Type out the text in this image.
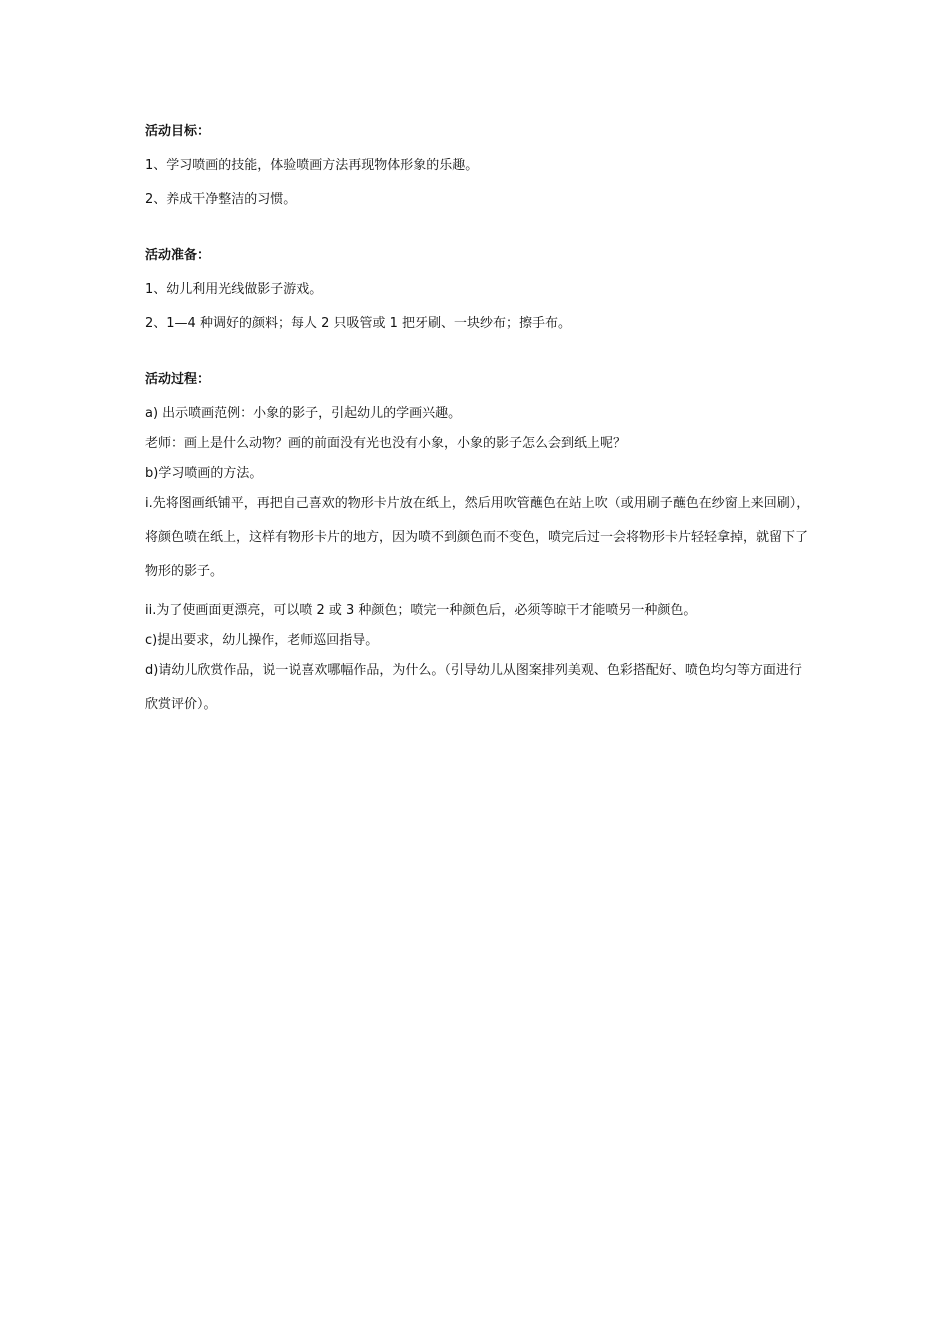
活动目标：
1、学习喷画的技能，体验喷画方法再现物体形象的乐趣。
2、养成干净整洁的习惯。
活动准备：
1、幼儿利用光线做影子游戏。
2、1—4 种调好的颜料；每人 2 只吸管或 1 把牙刷、一块纱布；擦手布。
活动过程：
a) 出示喷画范例：小象的影子，引起幼儿的学画兴趣。
老师：画上是什么动物？画的前面没有光也没有小象，小象的影子怎么会到纸上呢？
b)学习喷画的方法。
i.先将图画纸铺平，再把自己喜欢的物形卡片放在纸上，然后用吹管蘸色在站上吹（或用刷子蘸色在纱窗上来回刷），将颜色喷在纸上，这样有物形卡片的地方，因为喷不到颜色而不变色，喷完后过一会将物形卡片轻轻拿掉，就留下了物形的影子。
ii.为了使画面更漂亮，可以喷 2 或 3 种颜色；喷完一种颜色后，必须等晾干才能喷另一种颜色。
c)提出要求，幼儿操作，老师巡回指导。
d)请幼儿欣赏作品，说一说喜欢哪幅作品，为什么。（引导幼儿从图案排列美观、色彩搭配好、喷色均匀等方面进行欣赏评价）。
